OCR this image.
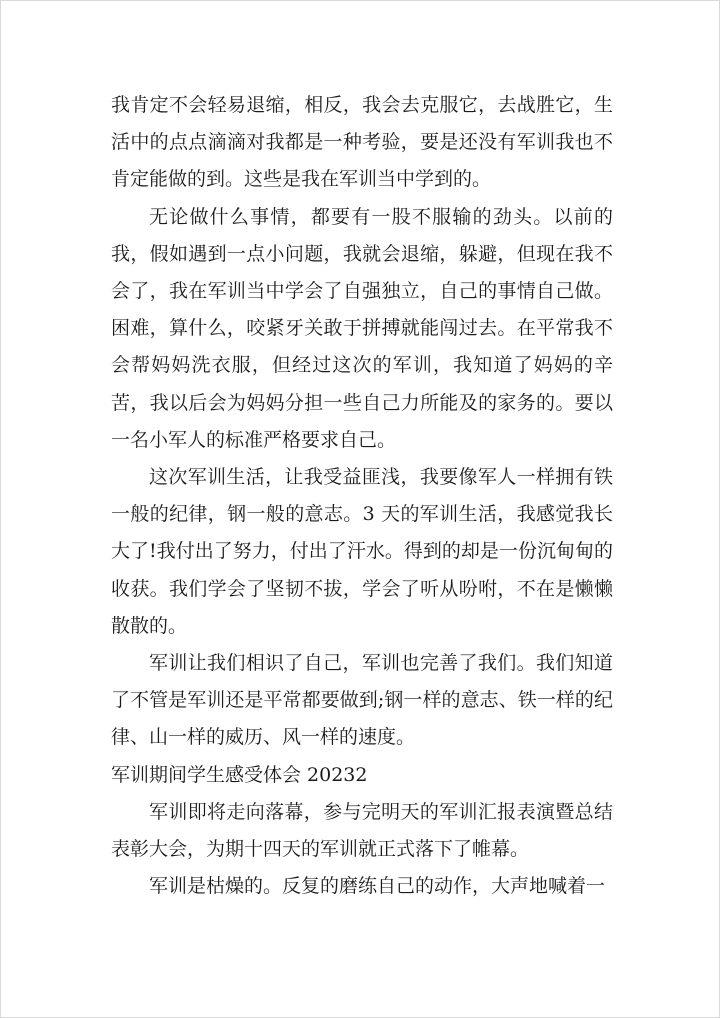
我肯定不会轻易退缩，相反，我会去克服它，去战胜它，生活中的点点滴滴对我都是一种考验，要是还没有军训我也不肯定能做的到。这些是我在军训当中学到的。

无论做什么事情，都要有一股不服输的劲头。以前的我，假如遇到一点小问题，我就会退缩，躲避，但现在我不会了，我在军训当中学会了自强独立，自己的事情自己做。困难，算什么，咬紧牙关敢于拼搏就能闯过去。在平常我不会帮妈妈洗衣服，但经过这次的军训，我知道了妈妈的辛苦，我以后会为妈妈分担一些自己力所能及的家务的。要以一名小军人的标准严格要求自己。

这次军训生活，让我受益匪浅，我要像军人一样拥有铁一般的纪律，钢一般的意志。3 天的军训生活，我感觉我长大了!我付出了努力，付出了汗水。得到的却是一份沉甸甸的收获。我们学会了坚韧不拔，学会了听从吩咐，不在是懒懒散散的。

军训让我们相识了自己，军训也完善了我们。我们知道了不管是军训还是平常都要做到;钢一样的意志、铁一样的纪律、山一样的威历、风一样的速度。

军训期间学生感受体会 20232

军训即将走向落幕，参与完明天的军训汇报表演暨总结表彰大会，为期十四天的军训就正式落下了帷幕。

军训是枯燥的。反复的磨练自己的动作，大声地喊着一
